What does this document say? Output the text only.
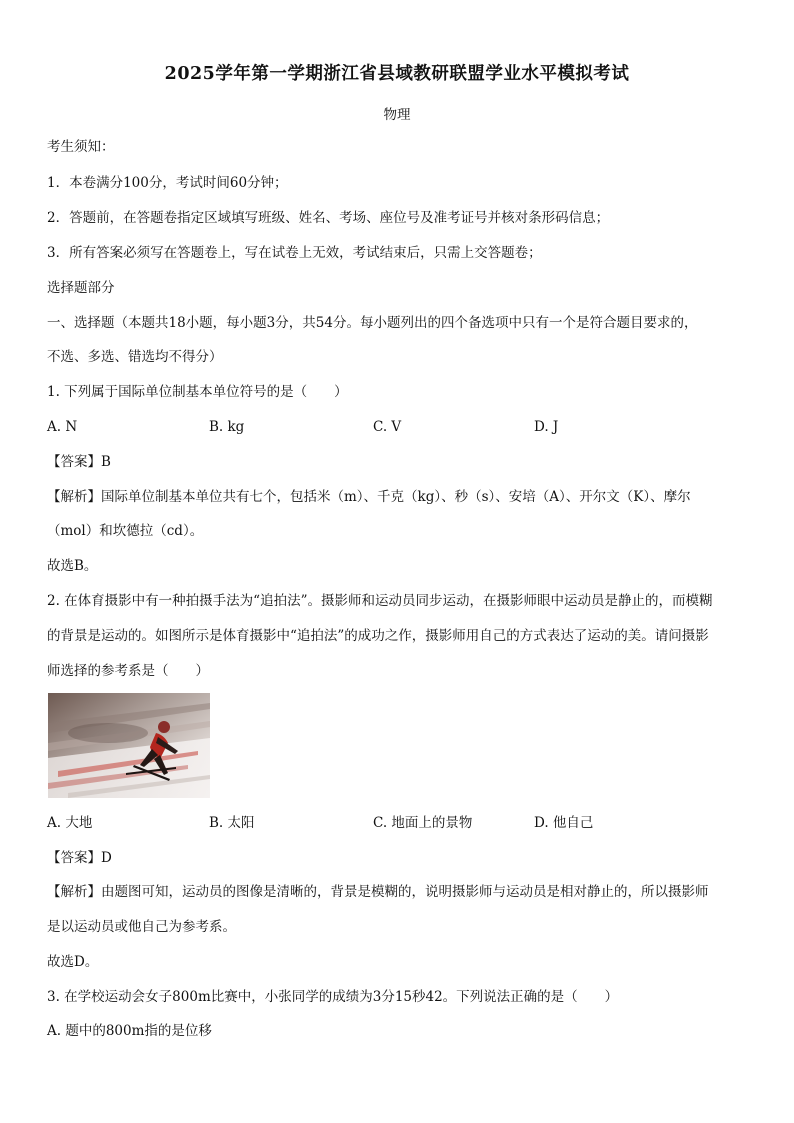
2025学年第一学期浙江省县域教研联盟学业水平模拟考试
物理
考生须知：
1．本卷满分100分，考试时间60分钟；
2．答题前，在答题卷指定区域填写班级、姓名、考场、座位号及准考证号并核对条形码信息；
3．所有答案必须写在答题卷上，写在试卷上无效，考试结束后，只需上交答题卷；
选择题部分
一、选择题（本题共18小题，每小题3分，共54分。每小题列出的四个备选项中只有一个是符合题目要求的，
不选、多选、错选均不得分）
1. 下列属于国际单位制基本单位符号的是（　　）
A. N	B. kg	C. V	D. J
【答案】B
【解析】国际单位制基本单位共有七个，包括米（m）、千克（kg）、秒（s）、安培（A）、开尔文（K）、摩尔
（mol）和坎德拉（cd）。
故选B。
2. 在体育摄影中有一种拍摄手法为“追拍法”。摄影师和运动员同步运动，在摄影师眼中运动员是静止的，而模糊
的背景是运动的。如图所示是体育摄影中“追拍法”的成功之作，摄影师用自己的方式表达了运动的美。请问摄影
师选择的参考系是（　　）
A. 大地	B. 太阳	C. 地面上的景物	D. 他自己
【答案】D
【解析】由题图可知，运动员的图像是清晰的，背景是模糊的，说明摄影师与运动员是相对静止的，所以摄影师
是以运动员或他自己为参考系。
故选D。
3. 在学校运动会女子800m比赛中，小张同学的成绩为3分15秒42。下列说法正确的是（　　）
A. 题中的800m指的是位移
